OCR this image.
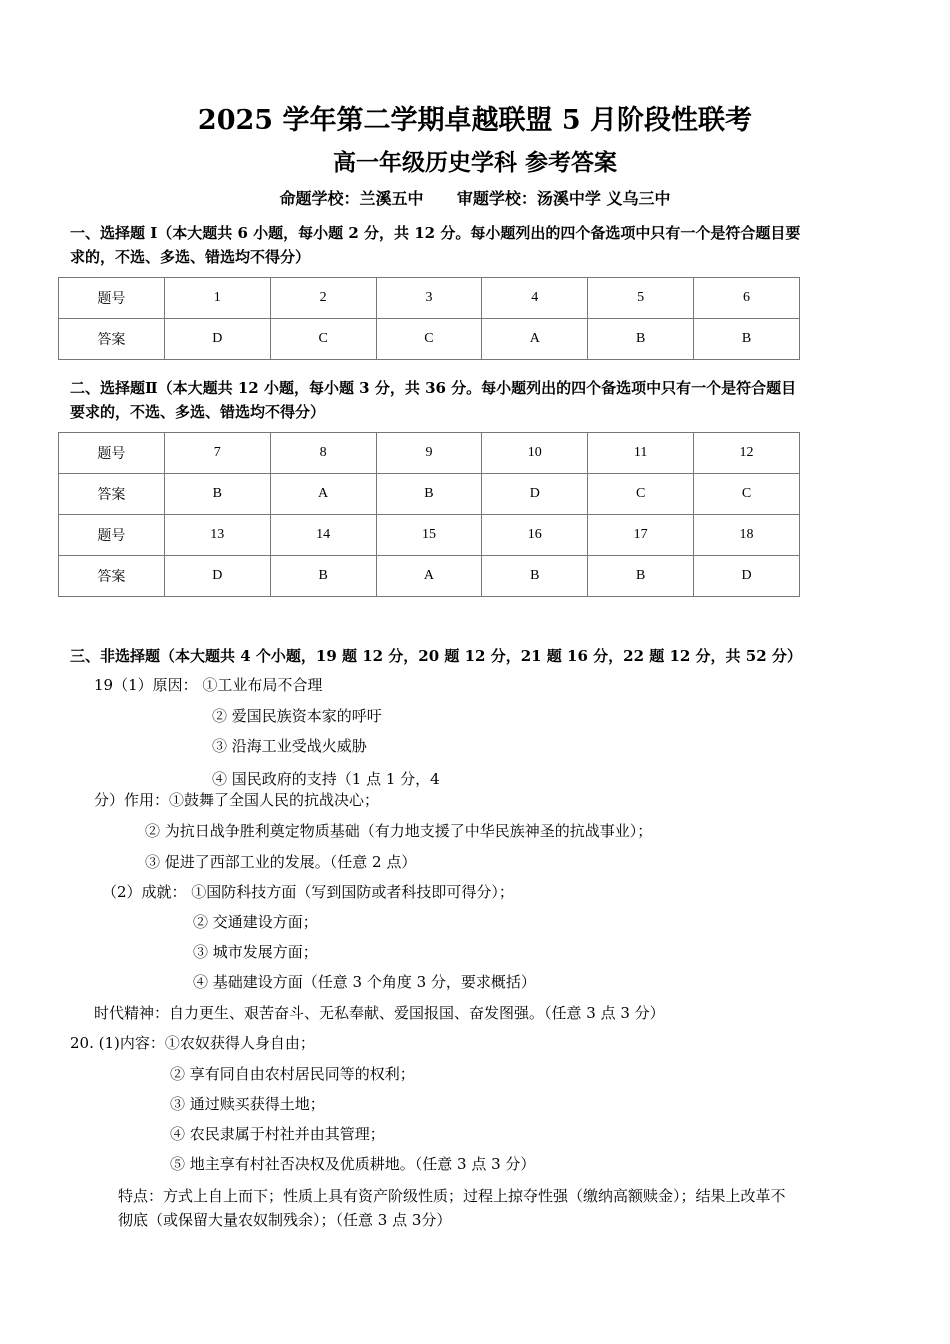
2025 学年第二学期卓越联盟 5 月阶段性联考
高一年级历史学科 参考答案
命题学校：兰溪五中      审题学校：汤溪中学 义乌三中
一、选择题 I（本大题共 6 小题，每小题 2 分，共 12 分。每小题列出的四个备选项中只有一个是符合题目要
求的，不选、多选、错选均不得分）
题号	1	2	3	4	5	6
答案	D	C	C	A	B	B
二、选择题Ⅱ（本大题共 12 小题，每小题 3 分，共 36 分。每小题列出的四个备选项中只有一个是符合题目
要求的，不选、多选、错选均不得分）
题号	7	8	9	10	11	12
答案	B	A	B	D	C	C
题号	13	14	15	16	17	18
答案	D	B	A	B	B	D
三、非选择题（本大题共 4 个小题，19 题 12 分，20 题 12 分，21 题 16 分，22 题 12 分，共 52 分）
19（1）原因： ①工业布局不合理
② 爱国民族资本家的呼吁
③ 沿海工业受战火威胁
④ 国民政府的支持（1 点 1 分，4
分）作用：①鼓舞了全国人民的抗战决心；
② 为抗日战争胜利奠定物质基础（有力地支援了中华民族神圣的抗战事业）；
③ 促进了西部工业的发展。（任意 2 点）
（2）成就： ①国防科技方面（写到国防或者科技即可得分）；
② 交通建设方面；
③ 城市发展方面；
④ 基础建设方面（任意 3 个角度 3 分，要求概括）
时代精神：自力更生、艰苦奋斗、无私奉献、爱国报国、奋发图强。（任意 3 点 3 分）
20. (1)内容：①农奴获得人身自由；
② 享有同自由农村居民同等的权利；
③ 通过赎买获得土地；
④ 农民隶属于村社并由其管理；
⑤ 地主享有村社否决权及优质耕地。（任意 3 点 3 分）
特点：方式上自上而下；性质上具有资产阶级性质；过程上掠夺性强（缴纳高额赎金）；结果上改革不
彻底（或保留大量农奴制残余）；（任意 3 点 3分）
